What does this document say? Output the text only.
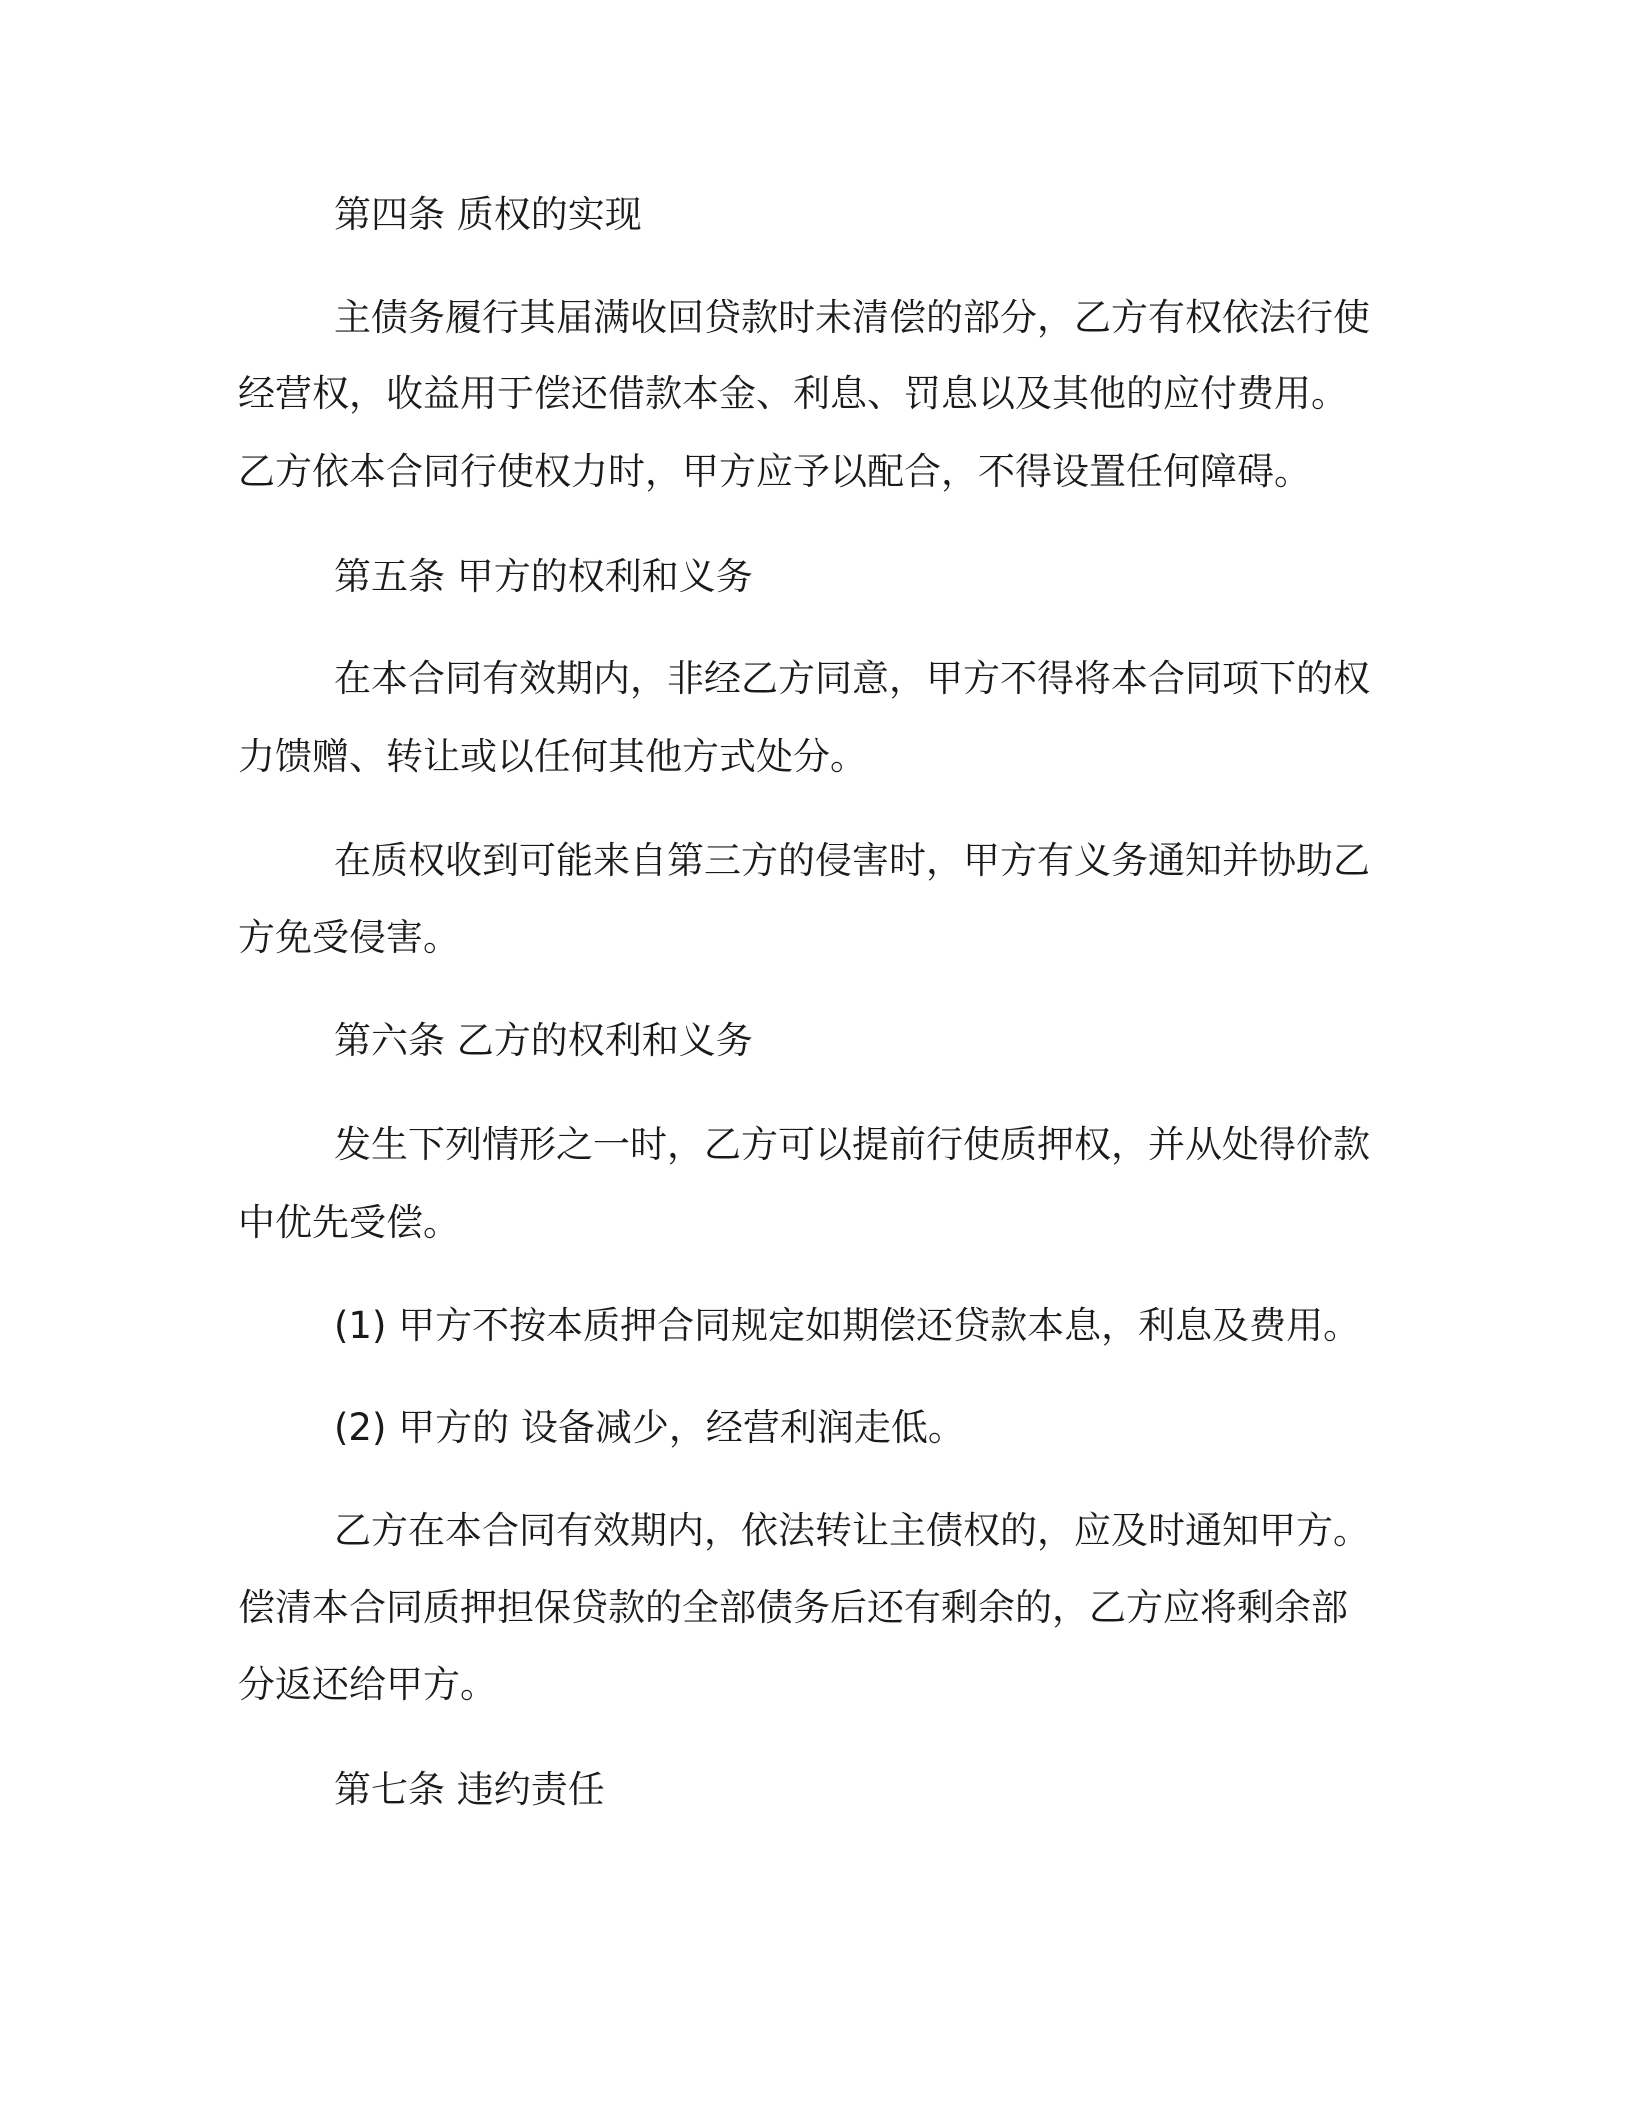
第四条 质权的实现
主债务履行其届满收回贷款时未清偿的部分，乙方有权依法行使
经营权，收益用于偿还借款本金、利息、罚息以及其他的应付费用。
乙方依本合同行使权力时，甲方应予以配合，不得设置任何障碍。
第五条 甲方的权利和义务
在本合同有效期内，非经乙方同意，甲方不得将本合同项下的权
力馈赠、转让或以任何其他方式处分。
在质权收到可能来自第三方的侵害时，甲方有义务通知并协助乙
方免受侵害。
第六条 乙方的权利和义务
发生下列情形之一时，乙方可以提前行使质押权，并从处得价款
中优先受偿。
(1) 甲方不按本质押合同规定如期偿还贷款本息，利息及费用。
(2) 甲方的 设备减少，经营利润走低。
乙方在本合同有效期内，依法转让主债权的，应及时通知甲方。
偿清本合同质押担保贷款的全部债务后还有剩余的，乙方应将剩余部
分返还给甲方。
第七条 违约责任
